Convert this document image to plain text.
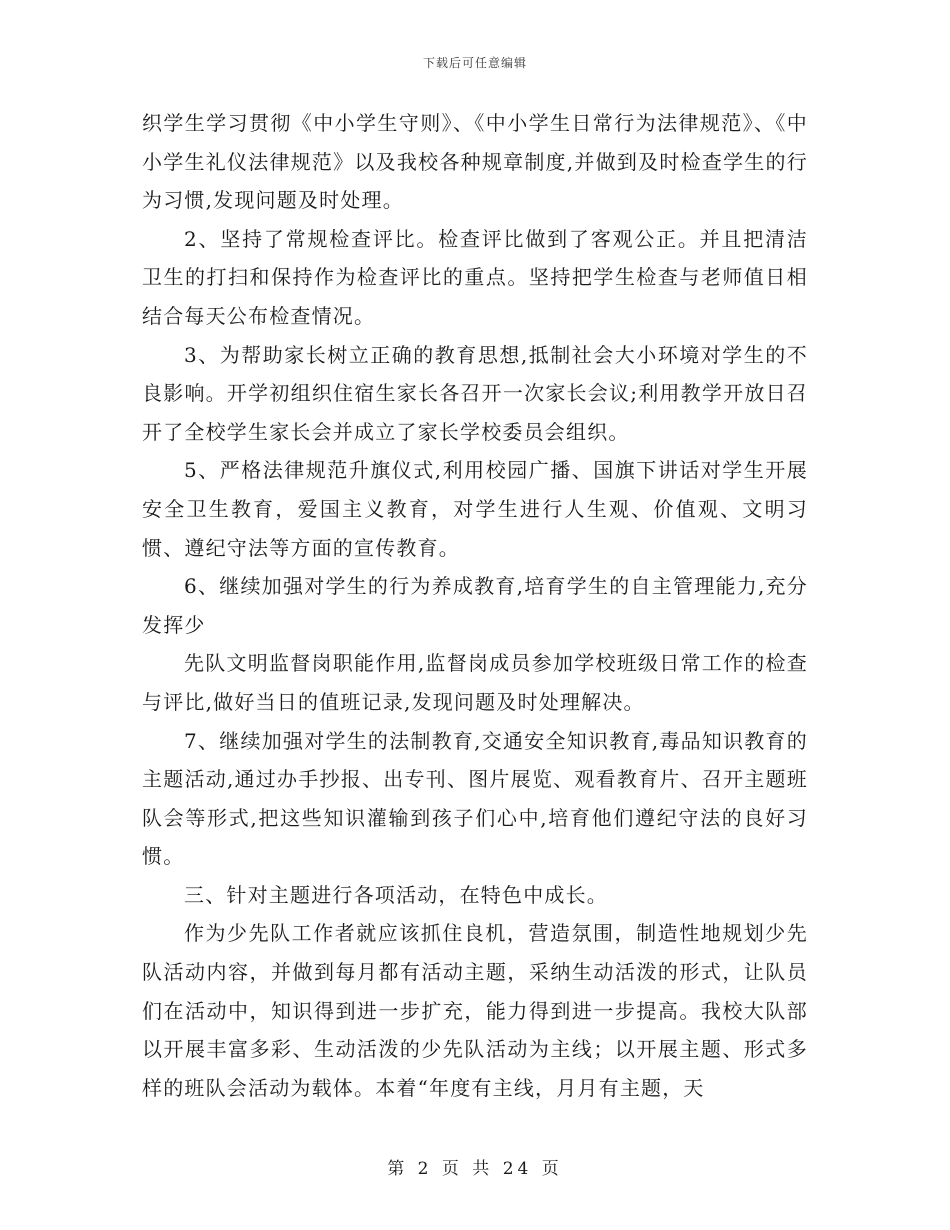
下载后可任意编辑

织学生学习贯彻《中小学生守则》、《中小学生日常行为法律规范》、《中小学生礼仪法律规范》以及我校各种规章制度,并做到及时检查学生的行为习惯,发现问题及时处理。

2、坚持了常规检查评比。检查评比做到了客观公正。并且把清洁卫生的打扫和保持作为检查评比的重点。坚持把学生检查与老师值日相结合每天公布检查情况。

3、为帮助家长树立正确的教育思想,抵制社会大小环境对学生的不良影响。开学初组织住宿生家长各召开一次家长会议;利用教学开放日召开了全校学生家长会并成立了家长学校委员会组织。

5、严格法律规范升旗仪式,利用校园广播、国旗下讲话对学生开展安全卫生教育，爱国主义教育，对学生进行人生观、价值观、文明习惯、遵纪守法等方面的宣传教育。

6、继续加强对学生的行为养成教育,培育学生的自主管理能力,充分发挥少

先队文明监督岗职能作用,监督岗成员参加学校班级日常工作的检查与评比,做好当日的值班记录,发现问题及时处理解决。

7、继续加强对学生的法制教育,交通安全知识教育,毒品知识教育的主题活动,通过办手抄报、出专刊、图片展览、观看教育片、召开主题班队会等形式,把这些知识灌输到孩子们心中,培育他们遵纪守法的良好习惯。

三、针对主题进行各项活动，在特色中成长。

作为少先队工作者就应该抓住良机，营造氛围，制造性地规划少先队活动内容，并做到每月都有活动主题，采纳生动活泼的形式，让队员们在活动中，知识得到进一步扩充，能力得到进一步提高。我校大队部以开展丰富多彩、生动活泼的少先队活动为主线；以开展主题、形式多样的班队会活动为载体。本着“年度有主线，月月有主题，天

第 2 页 共 24 页
